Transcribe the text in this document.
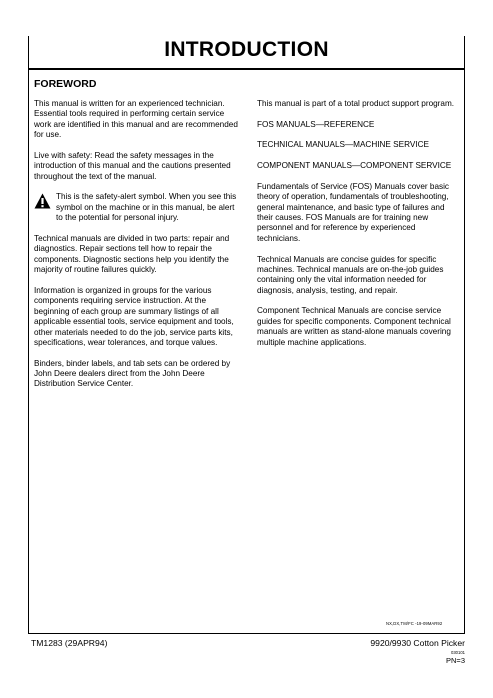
INTRODUCTION
FOREWORD

This manual is written for an experienced technician. Essential tools required in performing certain service work are identified in this manual and are recommended for use.

Live with safety: Read the safety messages in the introduction of this manual and the cautions presented throughout the text of the manual.

This is the safety-alert symbol. When you see this symbol on the machine or in this manual, be alert to the potential for personal injury.

Technical manuals are divided in two parts: repair and diagnostics. Repair sections tell how to repair the components. Diagnostic sections help you identify the majority of routine failures quickly.

Information is organized in groups for the various components requiring service instruction. At the beginning of each group are summary listings of all applicable essential tools, service equipment and tools, other materials needed to do the job, service parts kits, specifications, wear tolerances, and torque values.

Binders, binder labels, and tab sets can be ordered by John Deere dealers direct from the John Deere Distribution Service Center.

This manual is part of a total product support program.

FOS MANUALS—REFERENCE

TECHNICAL MANUALS—MACHINE SERVICE

COMPONENT MANUALS—COMPONENT SERVICE

Fundamentals of Service (FOS) Manuals cover basic theory of operation, fundamentals of troubleshooting, general maintenance, and basic type of failures and their causes. FOS Manuals are for training new personnel and for reference by experienced technicians.

Technical Manuals are concise guides for specific machines. Technical manuals are on-the-job guides containing only the vital information needed for diagnosis, analysis, testing, and repair.

Component Technical Manuals are concise service guides for specific components. Component technical manuals are written as stand-alone manuals covering multiple machine applications.

NX,DX,TM/FC -19-09MAR92
TM1283 (29APR94)	9920/9930 Cotton Picker
030101
PN=3
